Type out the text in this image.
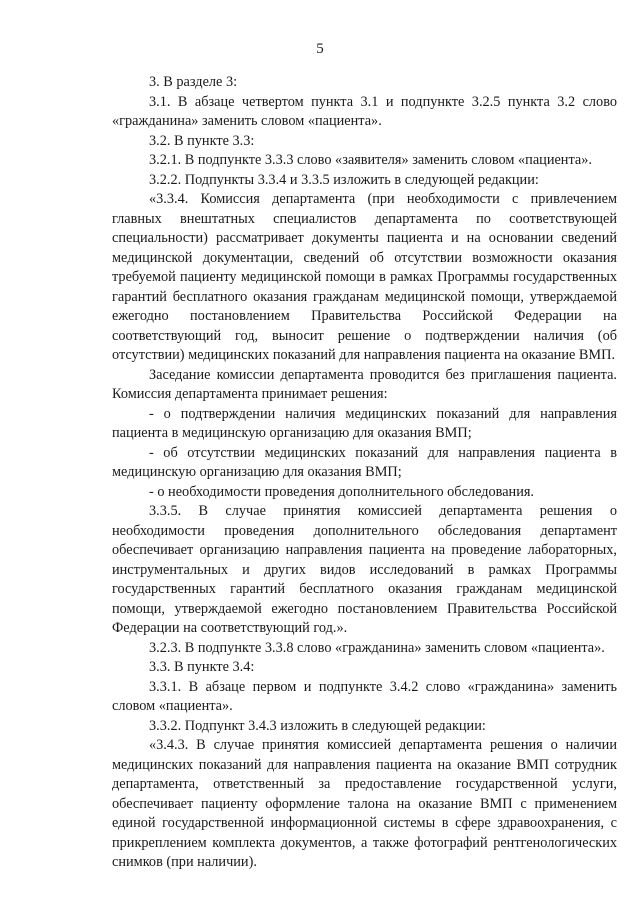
5

3. В разделе 3:

3.1. В абзаце четвертом пункта 3.1 и подпункте 3.2.5 пункта 3.2 слово «гражданина» заменить словом «пациента».

3.2. В пункте 3.3:

3.2.1. В подпункте 3.3.3 слово «заявителя» заменить словом «пациента».

3.2.2. Подпункты 3.3.4 и 3.3.5 изложить в следующей редакции:

«3.3.4. Комиссия департамента (при необходимости с привлечением главных внештатных специалистов департамента по соответствующей специальности) рассматривает документы пациента и на основании сведений медицинской документации, сведений об отсутствии возможности оказания требуемой пациенту медицинской помощи в рамках Программы государственных гарантий бесплатного оказания гражданам медицинской помощи, утверждаемой ежегодно постановлением Правительства Российской Федерации на соответствующий год, выносит решение о подтверждении наличия (об отсутствии) медицинских показаний для направления пациента на оказание ВМП.

Заседание комиссии департамента проводится без приглашения пациента. Комиссия департамента принимает решения:

- о подтверждении наличия медицинских показаний для направления пациента в медицинскую организацию для оказания ВМП;

- об отсутствии медицинских показаний для направления пациента в медицинскую организацию для оказания ВМП;

- о необходимости проведения дополнительного обследования.

3.3.5. В случае принятия комиссией департамента решения о необходимости проведения дополнительного обследования департамент обеспечивает организацию направления пациента на проведение лабораторных, инструментальных и других видов исследований в рамках Программы государственных гарантий бесплатного оказания гражданам медицинской помощи, утверждаемой ежегодно постановлением Правительства Российской Федерации на соответствующий год.».

3.2.3. В подпункте 3.3.8 слово «гражданина» заменить словом «пациента».

3.3. В пункте 3.4:

3.3.1. В абзаце первом и подпункте 3.4.2 слово «гражданина» заменить словом «пациента».

3.3.2. Подпункт 3.4.3 изложить в следующей редакции:

«3.4.3. В случае принятия комиссией департамента решения о наличии медицинских показаний для направления пациента на оказание ВМП сотрудник департамента, ответственный за предоставление государственной услуги, обеспечивает пациенту оформление талона на оказание ВМП с применением единой государственной информационной системы в сфере здравоохранения, с прикреплением комплекта документов, а также фотографий рентгенологических снимков (при наличии).
